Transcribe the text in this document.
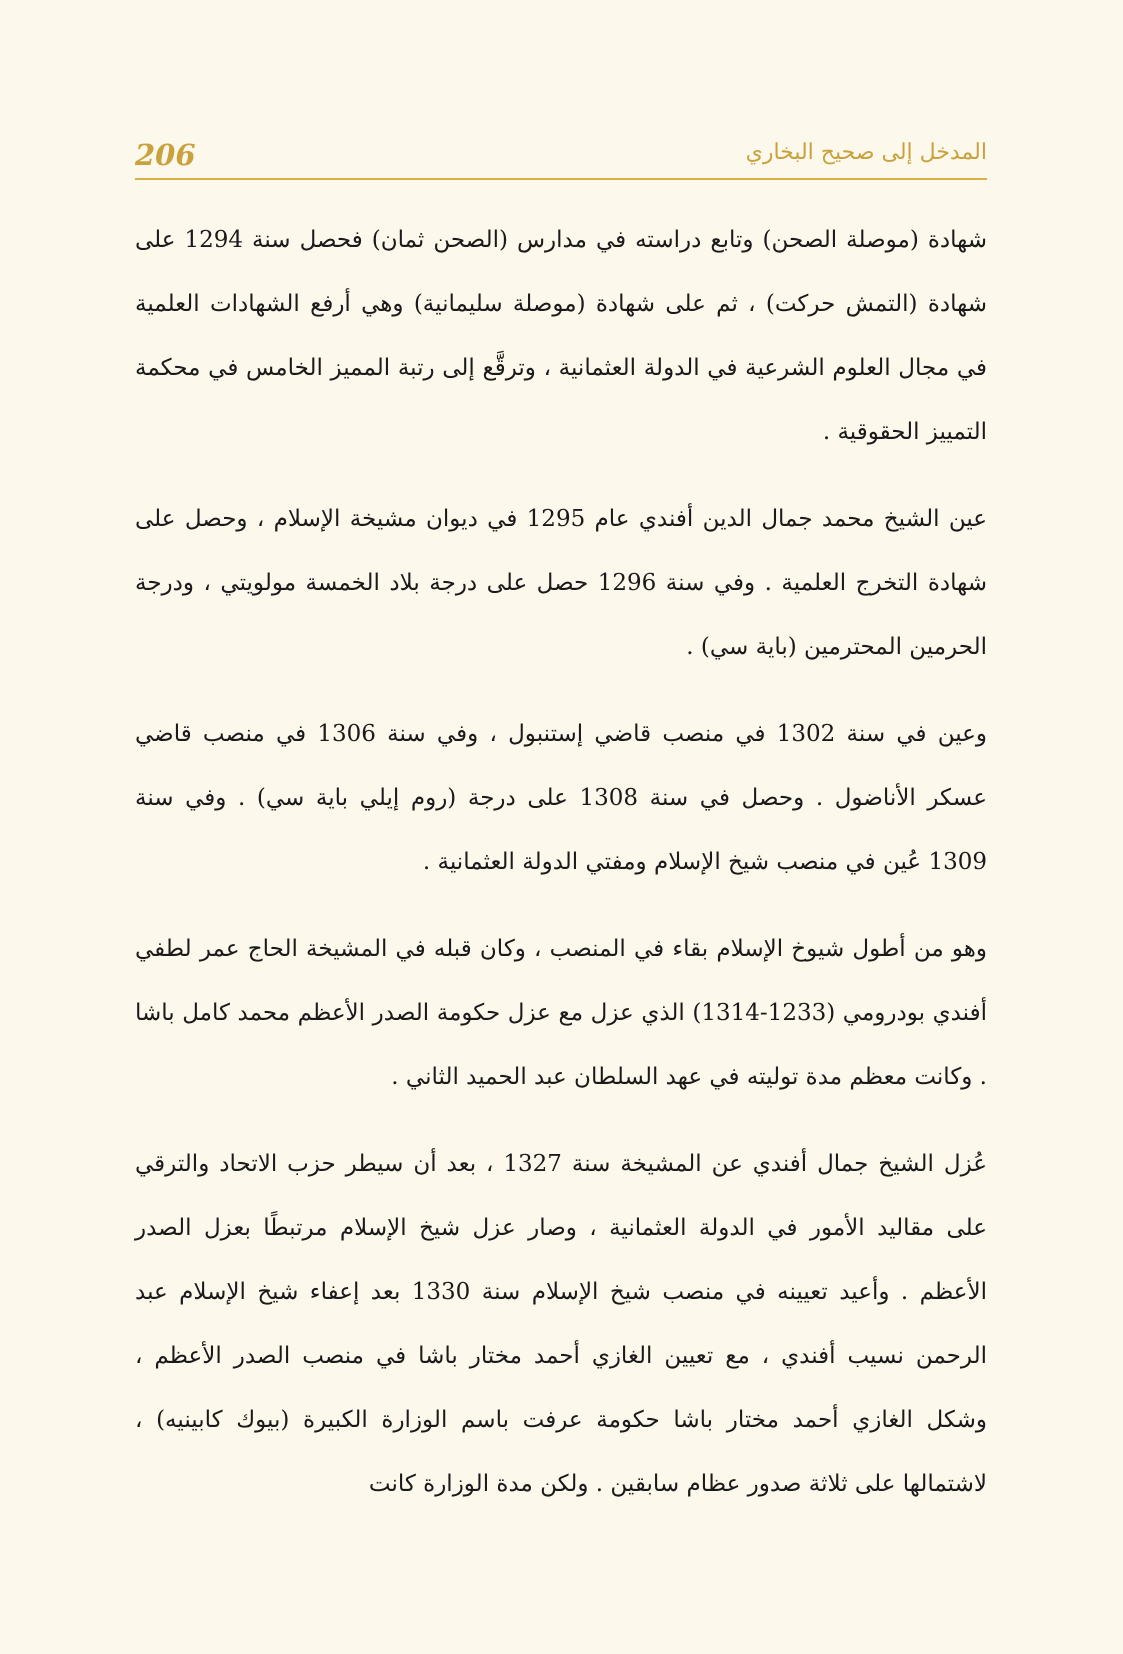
المدخل إلى صحيح البخاري
206

شهادة (موصلة الصحن) وتابع دراسته في مدارس (الصحن ثمان) فحصل سنة 1294 على شهادة (التمش حركت) ، ثم على شهادة (موصلة سليمانية) وهي أرفع الشهادات العلمية في مجال العلوم الشرعية في الدولة العثمانية ، وترقَّع إلى رتبة المميز الخامس في محكمة التمييز الحقوقية .

عين الشيخ محمد جمال الدين أفندي عام 1295 في ديوان مشيخة الإسلام ، وحصل على شهادة التخرج العلمية . وفي سنة 1296 حصل على درجة بلاد الخمسة مولويتي ، ودرجة الحرمين المحترمين (باية سي) .

وعين في سنة 1302 في منصب قاضي إستنبول ، وفي سنة 1306 في منصب قاضي عسكر الأناضول . وحصل في سنة 1308 على درجة (روم إيلي باية سي) . وفي سنة 1309 عُين في منصب شيخ الإسلام ومفتي الدولة العثمانية .

وهو من أطول شيوخ الإسلام بقاء في المنصب ، وكان قبله في المشيخة الحاج عمر لطفي أفندي بودرومي (1233-1314) الذي عزل مع عزل حكومة الصدر الأعظم محمد كامل باشا . وكانت معظم مدة توليته في عهد السلطان عبد الحميد الثاني .

عُزل الشيخ جمال أفندي عن المشيخة سنة 1327 ، بعد أن سيطر حزب الاتحاد والترقي على مقاليد الأمور في الدولة العثمانية ، وصار عزل شيخ الإسلام مرتبطًا بعزل الصدر الأعظم . وأعيد تعيينه في منصب شيخ الإسلام سنة 1330 بعد إعفاء شيخ الإسلام عبد الرحمن نسيب أفندي ، مع تعيين الغازي أحمد مختار باشا في منصب الصدر الأعظم ، وشكل الغازي أحمد مختار باشا حكومة عرفت باسم الوزارة الكبيرة (بيوك كابينيه) ، لاشتمالها على ثلاثة صدور عظام سابقين . ولكن مدة الوزارة كانت
